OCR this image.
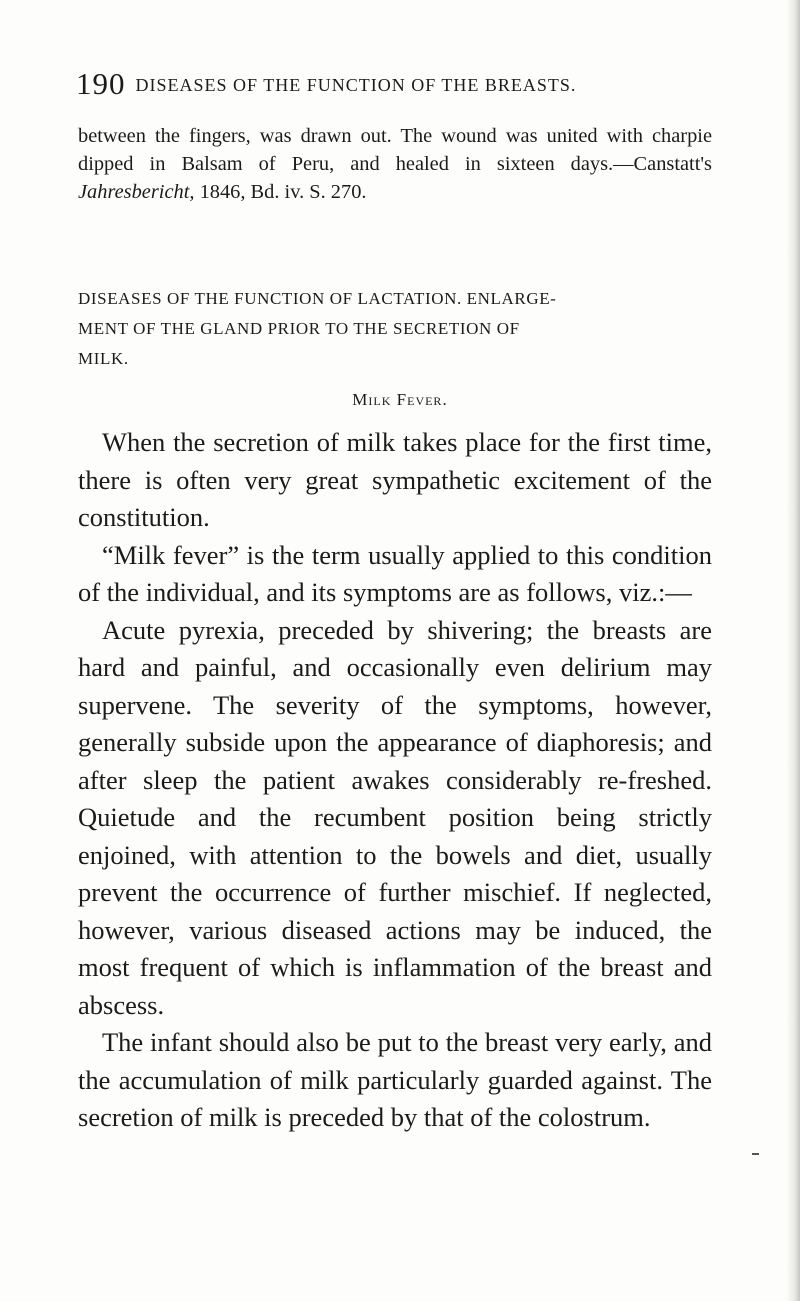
190 DISEASES OF THE FUNCTION OF THE BREASTS.

between the fingers, was drawn out. The wound was united with charpie dipped in Balsam of Peru, and healed in sixteen days.—Canstatt's Jahresbericht, 1846, Bd. iv. S. 270.

DISEASES OF THE FUNCTION OF LACTATION. ENLARGE-
MENT OF THE GLAND PRIOR TO THE SECRETION OF
MILK.
Milk Fever.

When the secretion of milk takes place for the first time, there is often very great sympathetic excitement of the constitution.

“Milk fever” is the term usually applied to this condition of the individual, and its symptoms are as follows, viz.:—

Acute pyrexia, preceded by shivering; the breasts are hard and painful, and occasionally even delirium may supervene. The severity of the symptoms, however, generally subside upon the appearance of diaphoresis; and after sleep the patient awakes considerably re-freshed. Quietude and the recumbent position being strictly enjoined, with attention to the bowels and diet, usually prevent the occurrence of further mischief. If neglected, however, various diseased actions may be induced, the most frequent of which is inflammation of the breast and abscess.

The infant should also be put to the breast very early, and the accumulation of milk particularly guarded against. The secretion of milk is preceded by that of the colostrum.
